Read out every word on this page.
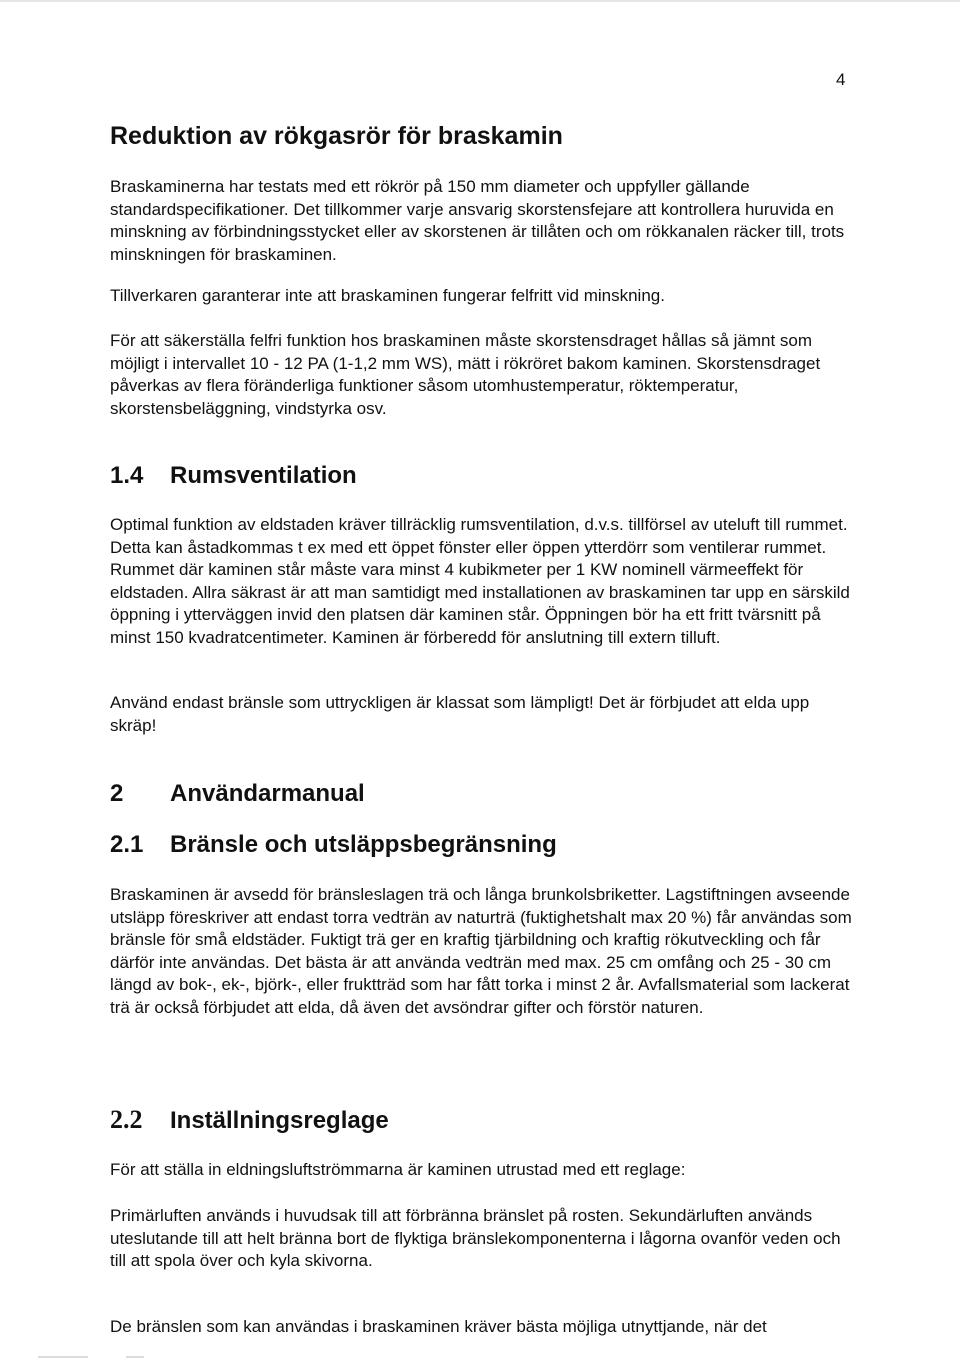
4
Reduktion av rökgasrör för braskamin

Braskaminerna har testats med ett rökrör på 150 mm diameter och uppfyller gällande standardspecifikationer. Det tillkommer varje ansvarig skorstensfejare att kontrollera huruvida en minskning av förbindningsstycket eller av skorstenen är tillåten och om rökkanalen räcker till, trots minskningen för braskaminen.

Tillverkaren garanterar inte att braskaminen fungerar felfritt vid minskning.

För att säkerställa felfri funktion hos braskaminen måste skorstensdraget hållas så jämnt som möjligt i intervallet 10 - 12 PA (1-1,2 mm WS), mätt i rökröret bakom kaminen. Skorstensdraget påverkas av flera föränderliga funktioner såsom utomhustemperatur, röktemperatur, skorstensbeläggning, vindstyrka osv.

1.4 Rumsventilation

Optimal funktion av eldstaden kräver tillräcklig rumsventilation, d.v.s. tillförsel av uteluft till rummet. Detta kan åstadkommas t ex med ett öppet fönster eller öppen ytterdörr som ventilerar rummet. Rummet där kaminen står måste vara minst 4 kubikmeter per 1 KW nominell värmeeffekt för eldstaden. Allra säkrast är att man samtidigt med installationen av braskaminen tar upp en särskild öppning i ytterväggen invid den platsen där kaminen står. Öppningen bör ha ett fritt tvärsnitt på minst 150 kvadratcentimeter. Kaminen är förberedd för anslutning till extern tilluft.

Använd endast bränsle som uttryckligen är klassat som lämpligt! Det är förbjudet att elda upp skräp!

2 Användarmanual
2.1 Bränsle och utsläppsbegränsning

Braskaminen är avsedd för bränsleslagen trä och långa brunkolsbriketter. Lagstiftningen avseende utsläpp föreskriver att endast torra vedträn av naturträ (fuktighetshalt max 20 %) får användas som bränsle för små eldstäder. Fuktigt trä ger en kraftig tjärbildning och kraftig rökutveckling och får därför inte användas. Det bästa är att använda vedträn med max. 25 cm omfång och 25 - 30 cm längd av bok-, ek-, björk-, eller fruktträd som har fått torka i minst 2 år. Avfallsmaterial som lackerat trä är också förbjudet att elda, då även det avsöndrar gifter och förstör naturen.

2.2 Inställningsreglage

För att ställa in eldningsluftströmmarna är kaminen utrustad med ett reglage:

Primärluften används i huvudsak till att förbränna bränslet på rosten. Sekundärluften används uteslutande till att helt bränna bort de flyktiga bränslekomponenterna i lågorna ovanför veden och till att spola över och kyla skivorna.

De bränslen som kan användas i braskaminen kräver bästa möjliga utnyttjande, när det
